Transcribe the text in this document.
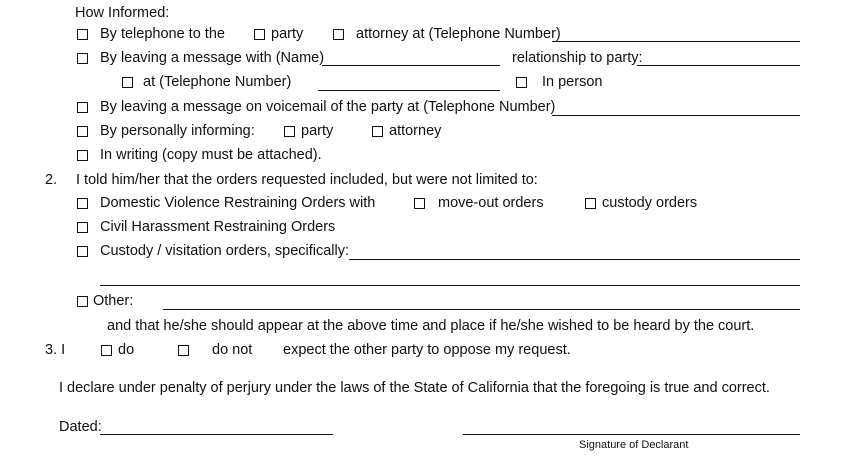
How Informed:
By telephone to the	party	attorney at (Telephone Number)
By leaving a message with (Name)	relationship to party:
at (Telephone Number)	In person
By leaving a message on voicemail of the party at (Telephone Number)
By personally informing:	party	attorney
In writing (copy must be attached).
2. I told him/her that the orders requested included, but were not limited to:
Domestic Violence Restraining Orders with	move-out orders	custody orders
Civil Harassment Restraining Orders
Custody / visitation orders, specifically:
Other:
and that he/she should appear at the above time and place if he/she wished to be heard by the court.
3. I	do	do not expect the other party to oppose my request.
I declare under penalty of perjury under the laws of the State of California that the foregoing is true and correct.
Dated:
Signature of Declarant
